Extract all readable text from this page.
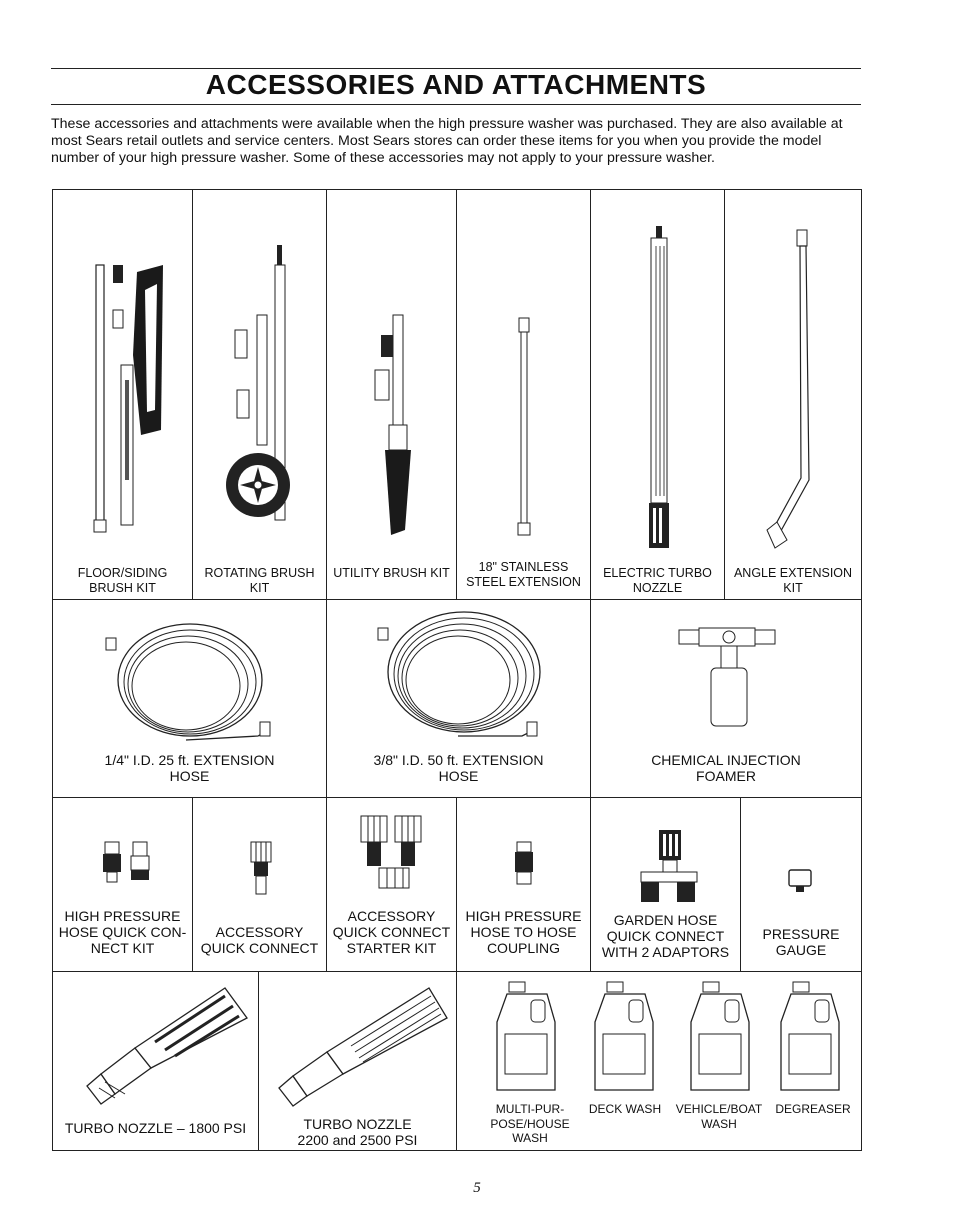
ACCESSORIES AND ATTACHMENTS
These accessories and attachments were available when the high pressure washer was purchased. They are also available at most Sears retail outlets and service centers. Most Sears stores can order these items for you when you provide the model number of your high pressure washer. Some of these accessories may not apply to your pressure washer.
FLOOR/SIDING
BRUSH KIT
ROTATING BRUSH
KIT
UTILITY BRUSH KIT	18" STAINLESS
STEEL EXTENSION
ELECTRIC TURBO
NOZZLE
ANGLE EXTENSION
KIT
1/4" I.D. 25 ft. EXTENSION
HOSE
3/8" I.D. 50 ft. EXTENSION
HOSE
CHEMICAL INJECTION
FOAMER
HIGH PRESSURE
HOSE QUICK CON-
NECT KIT
ACCESSORY
QUICK CONNECT
ACCESSORY
QUICK CONNECT
STARTER KIT
HIGH PRESSURE
HOSE TO HOSE
COUPLING
GARDEN HOSE
QUICK CONNECT
WITH 2 ADAPTORS
PRESSURE
GAUGE
TURBO NOZZLE – 1800 PSI	TURBO NOZZLE
2200 and 2500 PSI
MULTI-PUR-
POSE/HOUSE
WASH
DECK WASH	VEHICLE/BOAT
WASH
DEGREASER
5
